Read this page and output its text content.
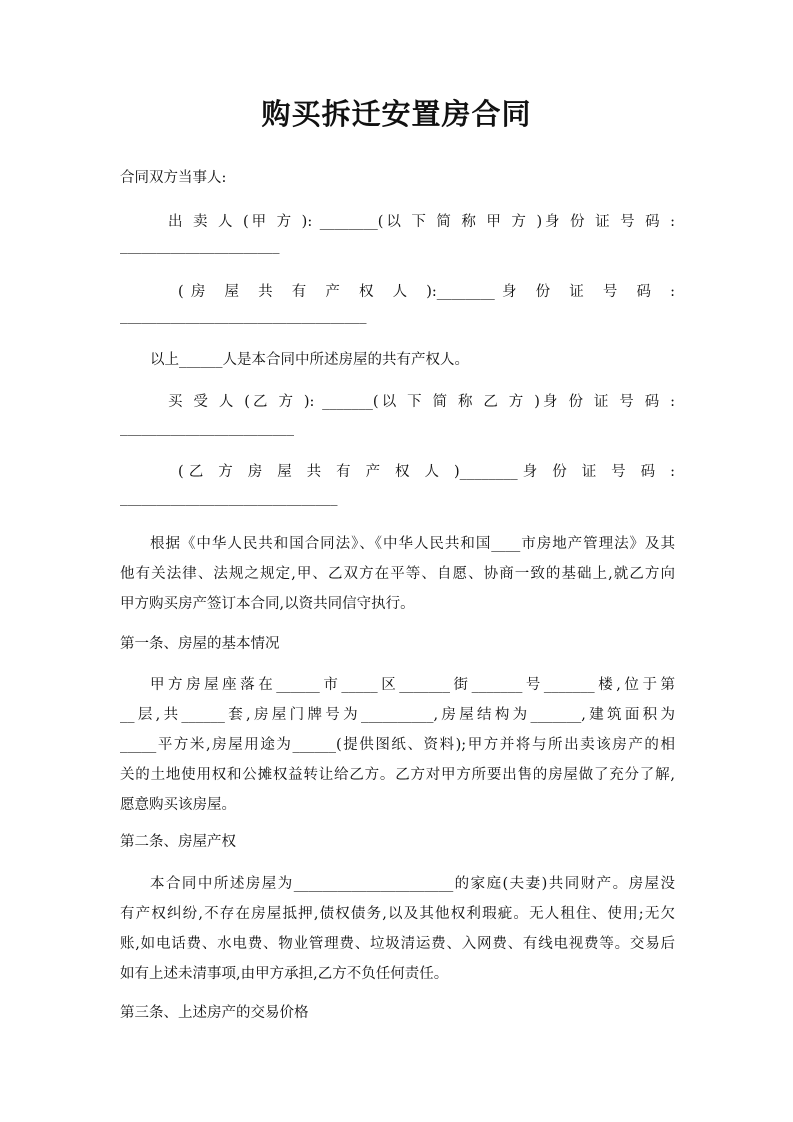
购买拆迁安置房合同
合同双方当事人:
出 卖 人 (甲 方 ): ________(以 下 简 称 甲 方 )身 份 证 号 码 :
______________________
(房 屋 共 有 产 权 人 ):________身 份 证 号 码 :
__________________________________
以上______人是本合同中所述房屋的共有产权人。
买 受 人 (乙 方 ): _______(以 下 简 称 乙 方 )身 份 证 号 码 :
________________________
(乙 方 房 屋 共 有 产 权 人 )________身 份 证 号 码 :
______________________________
根据《中华人民共和国合同法》、《中华人民共和国____市房地产管理法》及其
他有关法律、法规之规定,甲、乙双方在平等、自愿、协商一致的基础上,就乙方向
甲方购买房产签订本合同,以资共同信守执行。
第一条、房屋的基本情况
甲方房屋座落在______市_____区_______街_______号_______楼,位于第
__层,共______套,房屋门牌号为__________,房屋结构为_______,建筑面积为
_____平方米,房屋用途为______(提供图纸、资料);甲方并将与所出卖该房产的相
关的土地使用权和公摊权益转让给乙方。乙方对甲方所要出售的房屋做了充分了解,
愿意购买该房屋。
第二条、房屋产权
本合同中所述房屋为______________________的家庭(夫妻)共同财产。房屋没
有产权纠纷,不存在房屋抵押,债权债务,以及其他权利瑕疵。无人租住、使用;无欠
账,如电话费、水电费、物业管理费、垃圾清运费、入网费、有线电视费等。交易后
如有上述未清事项,由甲方承担,乙方不负任何责任。
第三条、上述房产的交易价格
